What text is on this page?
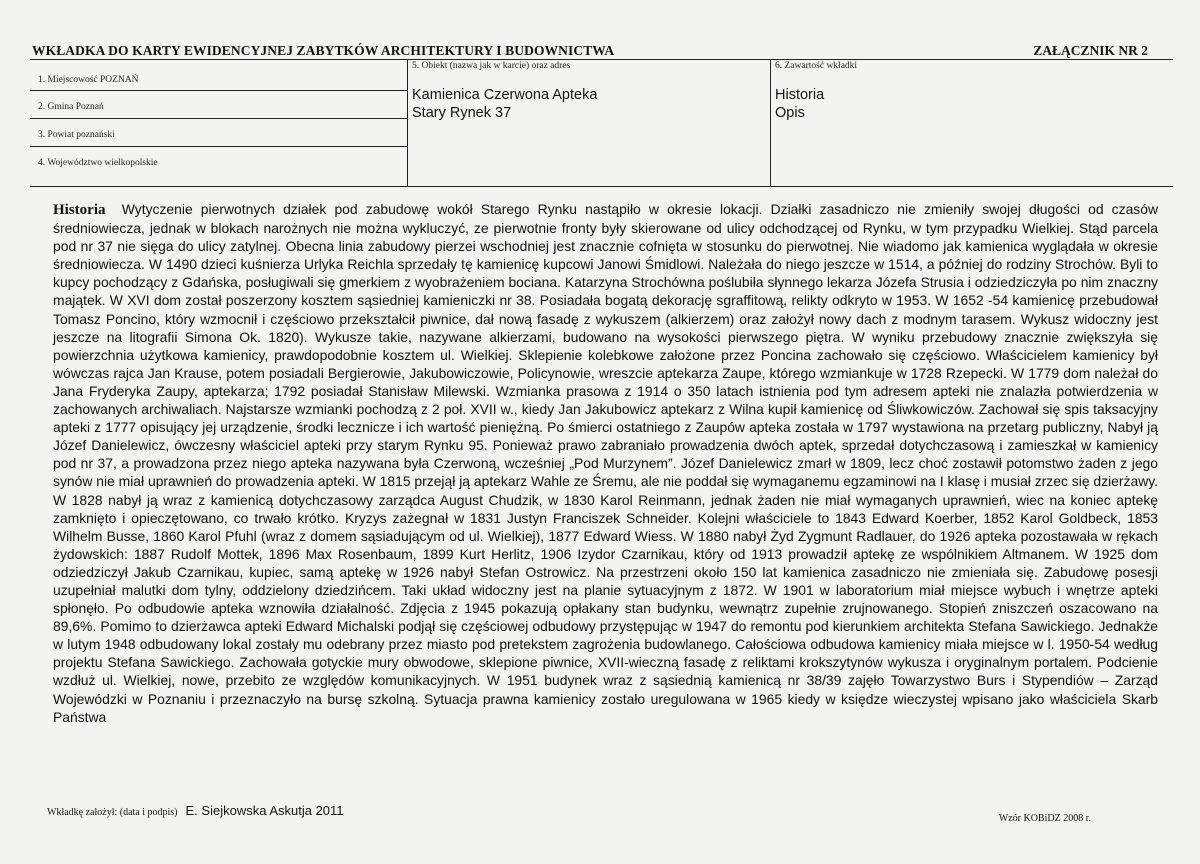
WKŁADKA DO KARTY EWIDENCYJNEJ ZABYTKÓW ARCHITEKTURY I BUDOWNICTWA	ZAŁĄCZNIK NR 2
1. Miejscowość POZNAŃ
2. Gmina Poznań
3. Powiat poznański
4. Województwo wielkopolskie
5. Obiekt (nazwa jak w karcie) oraz adres
Kamienica Czerwona Apteka
Stary Rynek 37
6. Zawartość wkładki
Historia
Opis
Historia Wytyczenie pierwotnych działek pod zabudowę wokół Starego Rynku nastąpiło w okresie lokacji. Działki zasadniczo nie zmieniły swojej długości od czasów średniowiecza, jednak w blokach narożnych nie można wykluczyć, ze pierwotnie fronty były skierowane od ulicy odchodzącej od Rynku, w tym przypadku Wielkiej. Stąd parcela pod nr 37 nie sięga do ulicy zatylnej. Obecna linia zabudowy pierzei wschodniej jest znacznie cofnięta w stosunku do pierwotnej. Nie wiadomo jak kamienica wyglądała w okresie średniowiecza. W 1490 dzieci kuśnierza Urlyka Reichla sprzedały tę kamienicę kupcowi Janowi Śmidlowi. Należała do niego jeszcze w 1514, a później do rodziny Strochów. Byli to kupcy pochodzący z Gdańska, posługiwali się gmerkiem z wyobrażeniem bociana. Katarzyna Strochówna poślubiła słynnego lekarza Józefa Strusia i odziedziczyła po nim znaczny majątek. W XVI dom został poszerzony kosztem sąsiedniej kamieniczki nr 38. Posiadała bogatą dekorację sgraffitową, relikty odkryto w 1953. W 1652 -54 kamienicę przebudował Tomasz Poncino, który wzmocnił i częściowo przekształcił piwnice, dał nową fasadę z wykuszem (alkierzem) oraz założył nowy dach z modnym tarasem. Wykusz widoczny jest jeszcze na litografii Simona Ok. 1820). Wykusze takie, nazywane alkierzami, budowano na wysokości pierwszego piętra. W wyniku przebudowy znacznie zwiększyła się powierzchnia użytkowa kamienicy, prawdopodobnie kosztem ul. Wielkiej. Sklepienie kolebkowe założone przez Poncina zachowało się częściowo. Właścicielem kamienicy był wówczas rajca Jan Krause, potem posiadali Bergierowie, Jakubowiczowie, Policynowie, wreszcie aptekarza Zaupe, którego wzmiankuje w 1728 Rzepecki. W 1779 dom należał do Jana Fryderyka Zaupy, aptekarza; 1792 posiadał Stanisław Milewski. Wzmianka prasowa z 1914 o 350 latach istnienia pod tym adresem apteki nie znalazła potwierdzenia w zachowanych archiwaliach. Najstarsze wzmianki pochodzą z 2 poł. XVII w., kiedy Jan Jakubowicz aptekarz z Wilna kupił kamienicę od Śliwkowiczów. Zachował się spis taksacyjny apteki z 1777 opisujący jej urządzenie, środki lecznicze i ich wartość pieniężną. Po śmierci ostatniego z Zaupów apteka została w 1797 wystawiona na przetarg publiczny, Nabył ją Józef Danielewicz, ówczesny właściciel apteki przy starym Rynku 95. Ponieważ prawo zabraniało prowadzenia dwóch aptek, sprzedał dotychczasową i zamieszkał w kamienicy pod nr 37, a prowadzona przez niego apteka nazywana była Czerwoną, wcześniej „Pod Murzynem”. Józef Danielewicz zmarł w 1809, lecz choć zostawił potomstwo żaden z jego synów nie miał uprawnień do prowadzenia apteki. W 1815 przejął ją aptekarz Wahle ze Śremu, ale nie poddał się wymaganemu egzaminowi na I klasę i musiał zrzec się dzierżawy. W 1828 nabył ją wraz z kamienicą dotychczasowy zarządca August Chudzik, w 1830 Karol Reinmann, jednak żaden nie miał wymaganych uprawnień, wiec na koniec aptekę zamknięto i opieczętowano, co trwało krótko. Kryzys zażegnał w 1831 Justyn Franciszek Schneider. Kolejni właściciele to 1843 Edward Koerber, 1852 Karol Goldbeck, 1853 Wilhelm Busse, 1860 Karol Pfuhl (wraz z domem sąsiadującym od ul. Wielkiej), 1877 Edward Wiess. W 1880 nabył Żyd Zygmunt Radlauer, do 1926 apteka pozostawała w rękach żydowskich: 1887 Rudolf Mottek, 1896 Max Rosenbaum, 1899 Kurt Herlitz, 1906 Izydor Czarnikau, który od 1913 prowadził aptekę ze wspólnikiem Altmanem. W 1925 dom odziedziczył Jakub Czarnikau, kupiec, samą aptekę w 1926 nabył Stefan Ostrowicz. Na przestrzeni około 150 lat kamienica zasadniczo nie zmieniała się. Zabudowę posesji uzupełniał malutki dom tylny, oddzielony dziedzińcem. Taki układ widoczny jest na planie sytuacyjnym z 1872. W 1901 w laboratorium miał miejsce wybuch i wnętrze apteki spłonęło. Po odbudowie apteka wznowiła działalność. Zdjęcia z 1945 pokazują opłakany stan budynku, wewnątrz zupełnie zrujnowanego. Stopień zniszczeń oszacowano na 89,6%. Pomimo to dzierżawca apteki Edward Michalski podjął się częściowej odbudowy przystępując w 1947 do remontu pod kierunkiem architekta Stefana Sawickiego. Jednakże w lutym 1948 odbudowany lokal zostały mu odebrany przez miasto pod pretekstem zagrożenia budowlanego. Całościowa odbudowa kamienicy miała miejsce w l. 1950-54 według projektu Stefana Sawickiego. Zachowała gotyckie mury obwodowe, sklepione piwnice, XVII-wieczną fasadę z reliktami krokszytynów wykusza i oryginalnym portalem. Podcienie wzdłuż ul. Wielkiej, nowe, przebito ze względów komunikacyjnych. W 1951 budynek wraz z sąsiednią kamienicą nr 38/39 zajęło Towarzystwo Burs i Stypendiów – Zarząd Wojewódzki w Poznaniu i przeznaczyło na bursę szkolną. Sytuacja prawna kamienicy zostało uregulowana w 1965 kiedy w księdze wieczystej wpisano jako właściciela Skarb Państwa
Wkładkę założył: (data i podpis) E. Siejkowska Askutja 2011
Wzór KOBiDZ 2008 r.
